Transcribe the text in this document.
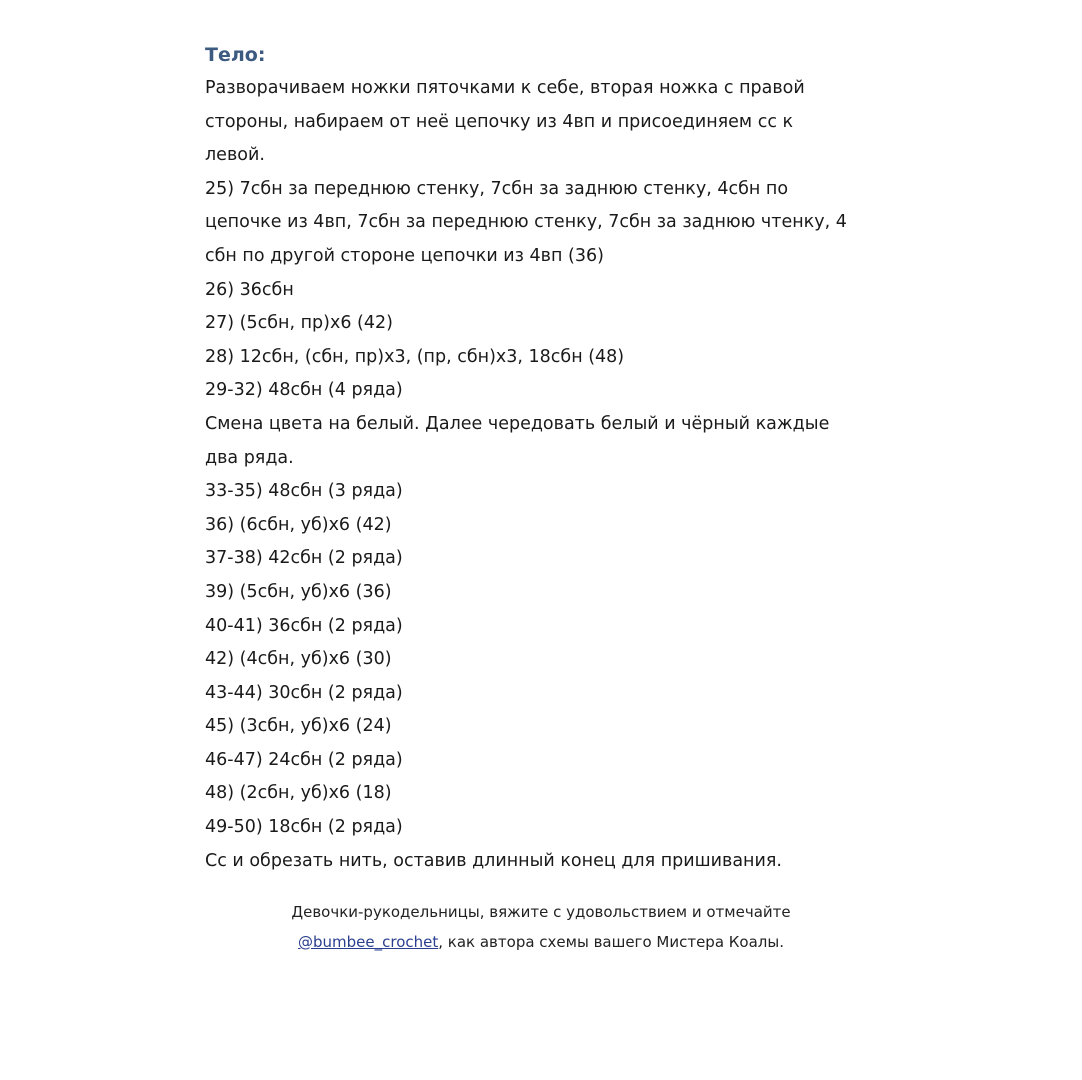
Тело:
Разворачиваем ножки пяточками к себе, вторая ножка с правой
стороны, набираем от неё цепочку из 4вп и присоединяем сс к
левой.
25) 7сбн за переднюю стенку, 7сбн за заднюю стенку, 4сбн по
цепочке из 4вп, 7сбн за переднюю стенку, 7сбн за заднюю чтенку, 4
сбн по другой стороне цепочки из 4вп (36)
26) 36сбн
27) (5сбн, пр)х6 (42)
28) 12сбн, (сбн, пр)х3, (пр, сбн)х3, 18сбн (48)
29-32) 48сбн (4 ряда)
Смена цвета на белый. Далее чередовать белый и чёрный каждые
два ряда.
33-35) 48сбн (3 ряда)
36) (6сбн, уб)х6 (42)
37-38) 42сбн (2 ряда)
39) (5сбн, уб)х6 (36)
40-41) 36сбн (2 ряда)
42) (4сбн, уб)х6 (30)
43-44) 30сбн (2 ряда)
45) (3сбн, уб)х6 (24)
46-47) 24сбн (2 ряда)
48) (2сбн, уб)х6 (18)
49-50) 18сбн (2 ряда)
Сс и обрезать нить, оставив длинный конец для пришивания.
Девочки-рукодельницы, вяжите с удовольствием и отмечайте
@bumbee_crochet, как автора схемы вашего Мистера Коалы.
